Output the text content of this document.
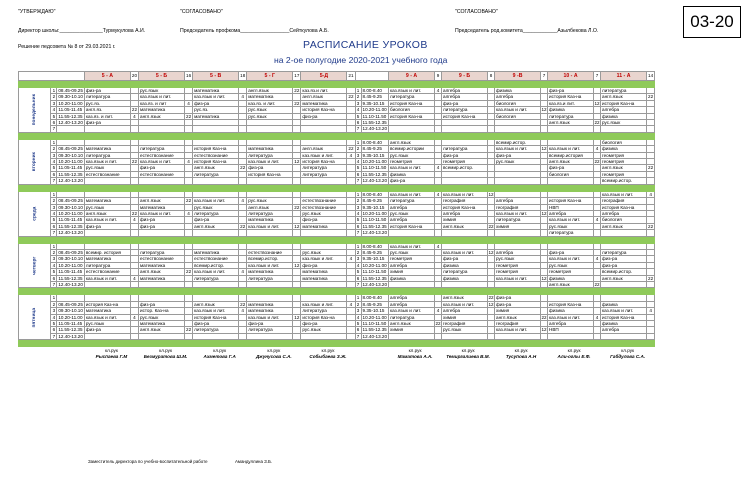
"УТВЕРЖДАЮ"	"СОГЛАСОВАНО"	"СОГЛАСОВАНО"
Директор школы:_______________Турмукулова А.И.	Председатель профкома_________________Сейткулова А.Б.	Председатель род.комитета____________Азылбекова Л.О.
Решение педсовета № 8 от 29.03.2021 г.	РАСПИСАНИЕ УРОКОВ
на 2-ое полугодие 2020-2021 учебного года
03-20
			5 - А	20	5 - Б	16	5 - В	18	5 - Г	17	5-Д	21			9 - А	9	9 - Б	8	9 -В	7	10 - А	7	11 - А	14

понедельник	1	08.45-09.25	физ-ра		рус.язык		математика		англ.язык	22	каз.яз.и лит.		1	8.00-8.40	каз.язык и лит.	4	алгебра		физика		физ-ра		литература	
	2	09.30-10.10	литература		каз.язык и лит.		каз.язык и лит.	4	математика		англ.язык	22	2	8.45-9.25	литература		алгебра		алгебра		история Каз-на		англ.язык	22
	3	10.20-11.00	рус.яз.		каз.яз. и лит	4	физ-ра		каз.яз. и лит.	22	математика		3	9.35-10.15	история Каз-на		физ-ра		биология		каз.яз.и лит.	12	история Каз-на	
	4	11.05-11.45	англ.яз.	22	математика		рус.яз.		рус.язык		история Каз-на		4	10.20-11.00	биология		литература		каз.язык и лит.	12	физика		алгебра	
	5	11.55-12.35	каз.яз. и лит.	4	англ.язык	22	математика		рус.язык		физ-ра		5	11.10-11.50	история Каз-на		история Каз-на		биология		литература		физика	
	6	12.40-13.20	физ-ра										6	11.55-12.35							англ.язык	22	рус.язык	
	7												7	12.40-13.20										

вторник	1												1	8.00-8.40	англ.язык				всемир.истор.				биология	
	2	08.45-09.25	математика		литература		история Каз-на		математика		англ.язык	22	2	8.45-9.25	всемир.истории		литература		каз.язык и лит.	12	каз.язык и лит.	4	физика	
	3	09.30-10.10	литература		естествознание		естествознание		литература		каз.язык и лит.	4	3	9.35-10.15	рус.язык		физ-ра		физ-ра		всемир.история		геометрия	
	4	10.20-11.00	каз.язык и лит.	22	каз.язык и лит.	4	история Каз-на		каз.язык и лит.	12	история Каз-на		4	10.20-11.00	геометрия		геометрия		рус.язык		англ.язык	22	геометрия	
	5	11.05-11.45	рус.язык		физ-ра		англ.язык	22	физ-ра		литература		5	11.10-11.50	каз.язык и лит.	4	всемир.истор.				физ-ра		англ.язык	22
	6	11.55-12.35	естествознание		естествознание		литература		история Каз-на		литература		6	11.55-12.35	физика						биология		геометрия	
	7	12.40-13.20											7	12.40-13.20	физ-ра								всемир.истор.	

среда	1												1	8.00-8.40	каз.язык и лит.	4	каз.язык и лит.	12					каз.язык и лит.	4
	2	08.45-09.25	математика		англ.язык	22	каз.язык и лит.	4	рус.язык		естествознание		2	8.45-9.25	литература		география		алгебра		история Каз-на		география	
	3	09.30-10.10	рус.язык		математика		рус.язык		англ.язык	22	естествознание		3	9.35-10.15	алгебра		история Каз-на		география		НВП		история Каз-на	
	4	10.20-11.00	англ.язык	22	каз.язык и лит.	4	литература		литература		рус.язык		4	10.20-11.00	рус.язык		алгебра		каз.язык и лит.	12	алгебра		алгебра	
	5	11.05-11.45	каз.язык и лит.	4	физ-ра		физ-ра		математика		физ-ра		5	11.10-11.50	алгебра		химия		литература		каз.язык и лит.	4	биология	
	6	11.55-12.35	физ-ра		физ-ра		англ.язык	22	каз.язык и лит.	12	математика		6	11.55-12.35	история Каз-на		англ.язык	22	химия		рус.язык		англ.язык	22
	7	12.40-13.20											7	12.40-13.20							литература			

четверг	1												1	8.00-8.40	каз.язык и лит.	4								
	2	08.45-09.25	всемир. история		литература		математика		естествознание		рус.язык		2	8.45-9.25	рус.язык		каз.язык и лит.	12	алгебра		физ-ра		литература	
	3	09.30-10.10	математика		естествознание		естествознание		всемир.истор.		каз.язык и лит.	4	3	9.35-10.15	геометрия		физ-ра		рус.язык		каз.язык и лит.	4	физ-ра	
	4	10.20-11.00	литература		математика		всемир.истор.		каз.язык и лит.	12	физ-ра		4	10.20-11.00	алгебра		физика		геометрия		рус.язык		физ-ра	
	5	11.05-11.45	естествознание		англ.язык	22	каз.язык и лит.	4	математика		математика		5	11.10-11.50	химия		литература		геометрия		геометрия		всемир.истор.	
	6	11.55-12.35	каз.язык и лит.	4	математика		литература		литература		математика		6	11.55-12.35	физика		физика		каз.язык и лит.	12	физика		англ.язык	22
	7	12.40-13.20											7	12.40-13.20							англ.язык	22		

пятница	1												1	8.00-8.40	алгебра		англ.язык	22	физ-ра					
	2	08.45-09.25	история Каз-на		физ-ра		англ.язык	22	математика		каз.язык и лит.	4	2	8.45-9.25	алгебра		каз.язык и лит.	12	физ-ра		история Каз-на		физика	
	3	09.30-10.10	математика		истор. Каз-на		каз.язык и лит.	4	математика		литература		3	9.35-10.15	каз.язык и лит.	4	алгебра		химия		физика		каз.язык и лит.	4
	4	10.20-11.00	каз.язык и лит.	4	рус.язык		история Каз-на		каз.язык и лит.	12	история Каз-на		4	10.20-11.00	литература		химия		англ.язык	22	каз.язык и лит.	4	история Каз-на	
	5	11.05-11.45	рус.язык		математика		физ-ра		физ-ра		физ-ра		5	11.10-11.50	англ.язык	22	география		география		алгебра		физика	
	6	11.55-12.35	физ-ра		англ.язык	22	литература		литература		рус.язык		6	11.55-12.35	химия		рус.язык		каз.язык и лит.	12	НВП		алгебра	
	7	12.40-13.20											7	12.40-13.20										

			кл.рук		кл.рук		кл.рук		кл.рук		кл.рук				кл.рук		кл.рук		кл.рук		кл.рук		кл.рук	
			Рыспаева Г.М		Безмуратова Ш.М.		Ахметова Г.А		Джунусова С.А.		Собыбаева З.Ж.				Маматова А.А.		Темиргалиева В.М.		Тусупова А.Н		Али-оглы Е.Ф.		Габдулова С.А.	
Заместитель директора по учебно-воспитательной работе	Амандуллина З.Б.
